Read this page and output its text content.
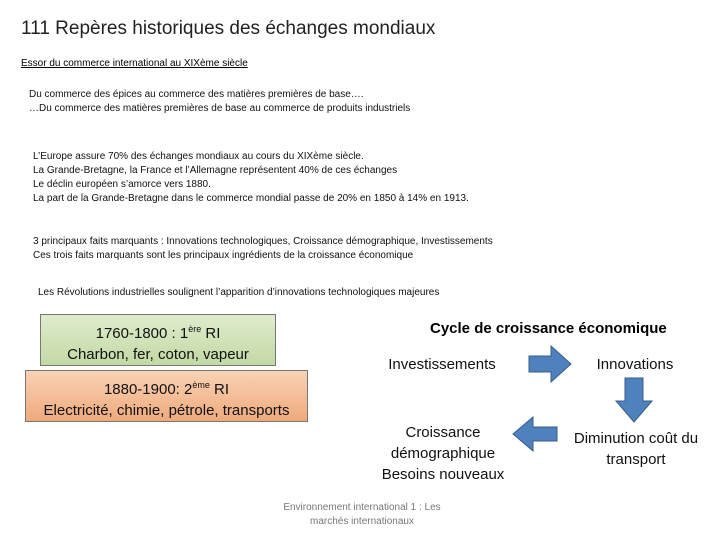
111 Repères historiques des échanges mondiaux
Essor du commerce international au XIXème siècle
Du commerce des épices au commerce des matières premières de base….
…Du commerce des matières premières de base au commerce de produits industriels
L’Europe assure 70% des échanges mondiaux au cours du XIXème siècle.
La Grande-Bretagne, la France et l’Allemagne représentent 40% de ces échanges
Le déclin européen s’amorce vers 1880.
La part de la Grande-Bretagne dans le commerce mondial passe de 20% en 1850 à 14% en 1913.
3 principaux faits marquants : Innovations technologiques, Croissance démographique, Investissements
Ces trois faits marquants sont les principaux ingrédients de la croissance économique
Les Révolutions industrielles soulignent l’apparition d’innovations technologiques majeures
1760-1800 : 1ère RI
Charbon, fer, coton, vapeur
1880-1900: 2ème RI
Electricité, chimie, pétrole, transports
Cycle de croissance économique
Investissements	Innovations
Croissance
démographique
Besoins nouveaux
Diminution coût du
transport
Environnement international 1 : Les
marchés internationaux
